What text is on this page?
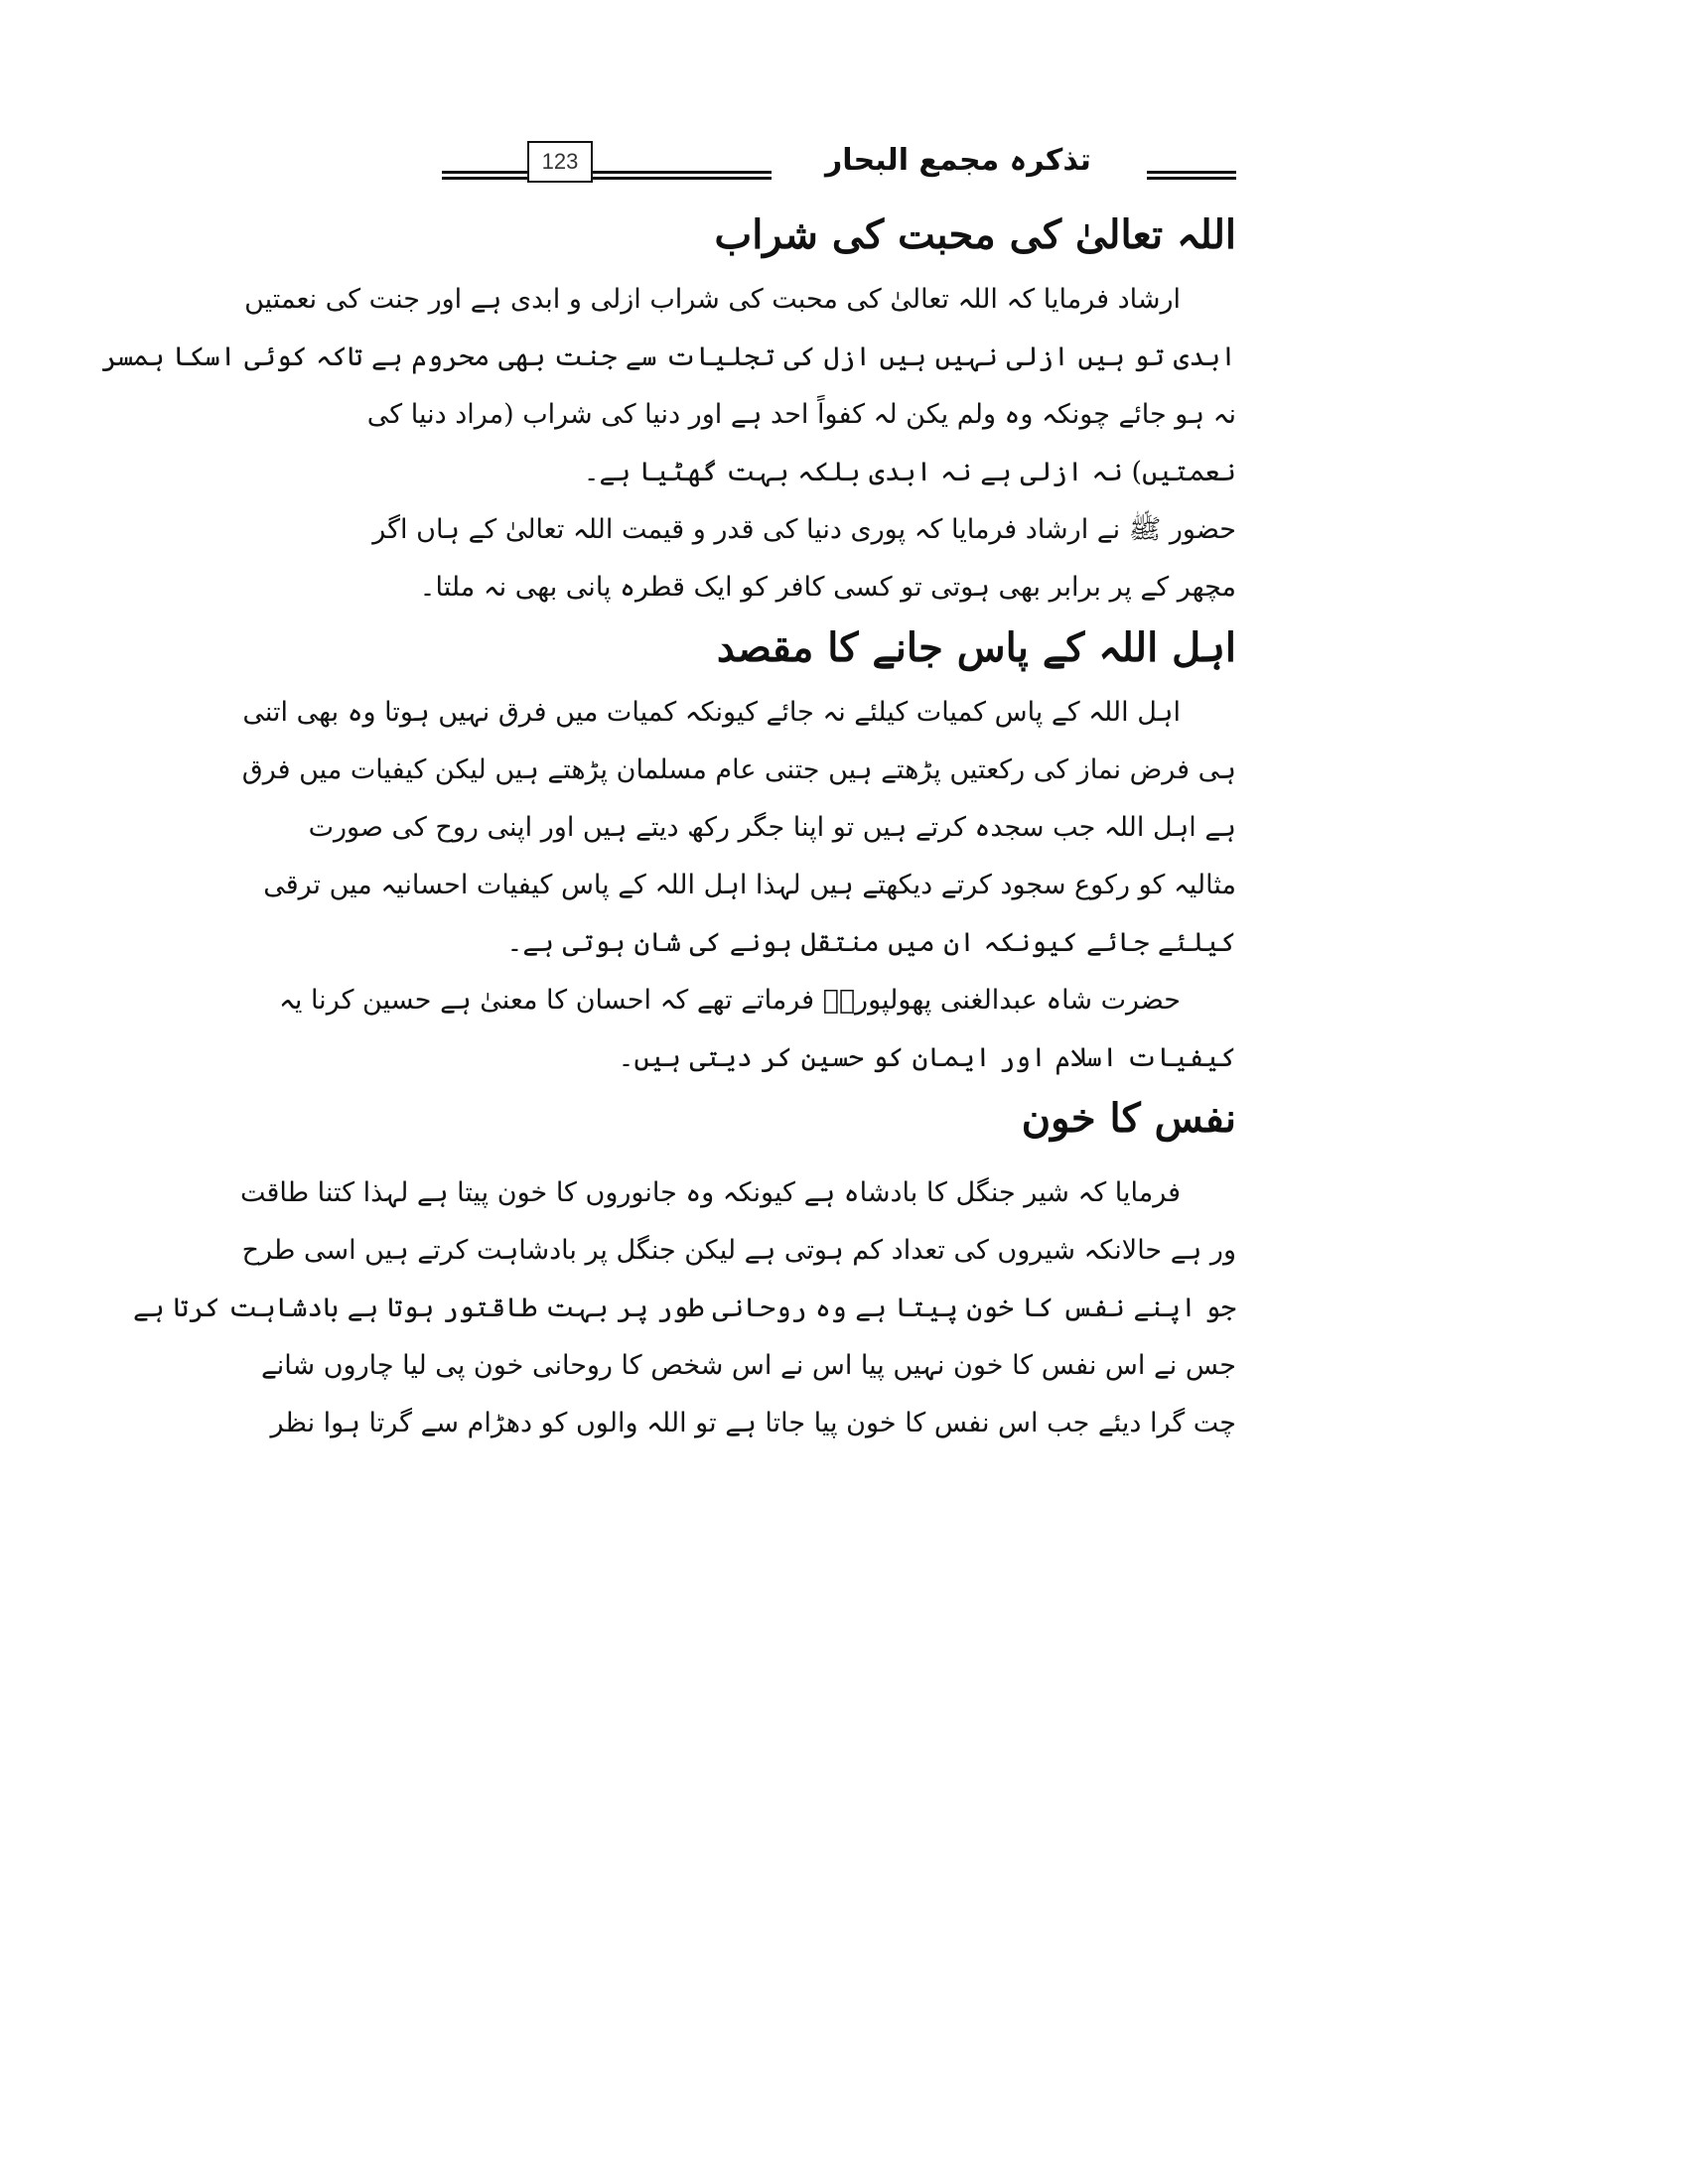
123	تذکرہ مجمع البحار
اللہ تعالیٰ کی محبت کی شراب
ارشاد فرمایا کہ اللہ تعالیٰ کی محبت کی شراب ازلی و ابدی ہے اور جنت کی نعمتیں
ابدی تو ہیں ازلی نہیں ہیں ازل کی تجلیات سے جنت بھی محروم ہے تاکہ کوئی اسکا ہمسر
نہ ہو جائے چونکہ وہ ولم یکن لہ کفواً احد ہے اور دنیا کی شراب (مراد دنیا کی
نعمتیں) نہ ازلی ہے نہ ابدی بلکہ بہت گھٹیا ہے۔
حضور ﷺ نے ارشاد فرمایا کہ پوری دنیا کی قدر و قیمت اللہ تعالیٰ کے ہاں اگر
مچھر کے پر برابر بھی ہوتی تو کسی کافر کو ایک قطرہ پانی بھی نہ ملتا۔
اہل اللہ کے پاس جانے کا مقصد
اہل اللہ کے پاس کمیات کیلئے نہ جائے کیونکہ کمیات میں فرق نہیں ہوتا وہ بھی اتنی
ہی فرض نماز کی رکعتیں پڑھتے ہیں جتنی عام مسلمان پڑھتے ہیں لیکن کیفیات میں فرق
ہے اہل اللہ جب سجدہ کرتے ہیں تو اپنا جگر رکھ دیتے ہیں اور اپنی روح کی صورت
مثالیہ کو رکوع سجود کرتے دیکھتے ہیں لہذا اہل اللہ کے پاس کیفیات احسانیہ میں ترقی
کیلئے جائے کیونکہ ان میں منتقل ہونے کی شان ہوتی ہے۔
حضرت شاہ عبدالغنی پھولپوریؒ فرماتے تھے کہ احسان کا معنیٰ ہے حسین کرنا یہ
کیفیات اسلام اور ایمان کو حسین کر دیتی ہیں۔
نفس کا خون
فرمایا کہ شیر جنگل کا بادشاہ ہے کیونکہ وہ جانوروں کا خون پیتا ہے لہذا کتنا طاقت
ور ہے حالانکہ شیروں کی تعداد کم ہوتی ہے لیکن جنگل پر بادشاہت کرتے ہیں اسی طرح
جو اپنے نفس کا خون پیتا ہے وہ روحانی طور پر بہت طاقتور ہوتا ہے بادشاہت کرتا ہے
جس نے اس نفس کا خون نہیں پیا اس نے اس شخص کا روحانی خون پی لیا چاروں شانے
چت گرا دیئے جب اس نفس کا خون پیا جاتا ہے تو اللہ والوں کو دھڑام سے گرتا ہوا نظر
